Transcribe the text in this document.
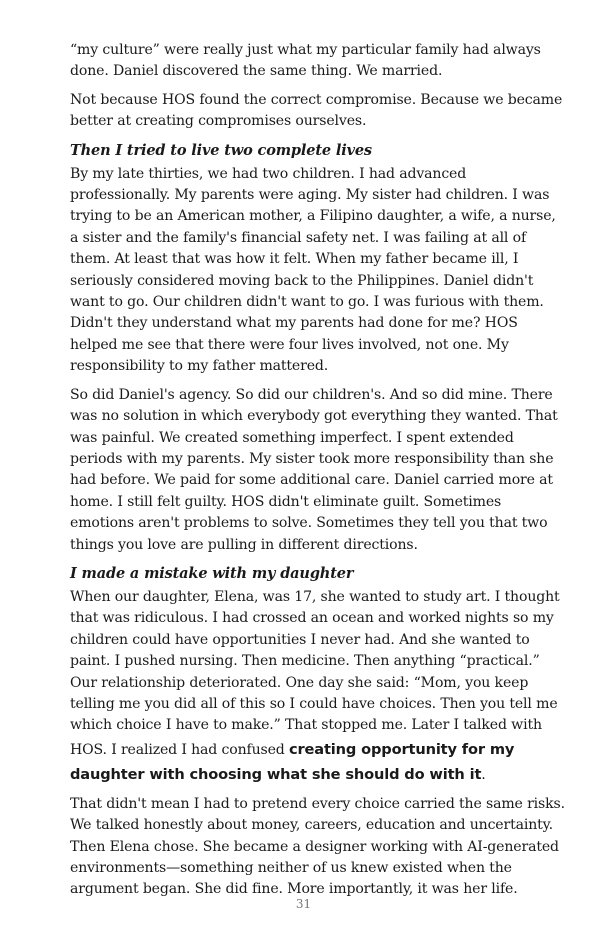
“my culture” were really just what my particular family had always done. Daniel discovered the same thing. We married.

Not because HOS found the correct compromise. Because we became better at creating compromises ourselves.

Then I tried to live two complete lives

By my late thirties, we had two children. I had advanced professionally. My parents were aging. My sister had children. I was trying to be an American mother, a Filipino daughter, a wife, a nurse, a sister and the family's financial safety net. I was failing at all of them. At least that was how it felt. When my father became ill, I seriously considered moving back to the Philippines. Daniel didn't want to go. Our children didn't want to go. I was furious with them. Didn't they understand what my parents had done for me? HOS helped me see that there were four lives involved, not one. My responsibility to my father mattered.

So did Daniel's agency. So did our children's. And so did mine. There was no solution in which everybody got everything they wanted. That was painful. We created something imperfect. I spent extended periods with my parents. My sister took more responsibility than she had before. We paid for some additional care. Daniel carried more at home. I still felt guilty. HOS didn't eliminate guilt. Sometimes emotions aren't problems to solve. Sometimes they tell you that two things you love are pulling in different directions.

I made a mistake with my daughter

When our daughter, Elena, was 17, she wanted to study art. I thought that was ridiculous. I had crossed an ocean and worked nights so my children could have opportunities I never had. And she wanted to paint. I pushed nursing. Then medicine. Then anything “practical.” Our relationship deteriorated. One day she said: “Mom, you keep telling me you did all of this so I could have choices. Then you tell me which choice I have to make.” That stopped me. Later I talked with HOS. I realized I had confused creating opportunity for my daughter with choosing what she should do with it.

That didn't mean I had to pretend every choice carried the same risks. We talked honestly about money, careers, education and uncertainty. Then Elena chose. She became a designer working with AI-generated environments—something neither of us knew existed when the argument began. She did fine. More importantly, it was her life.

31
